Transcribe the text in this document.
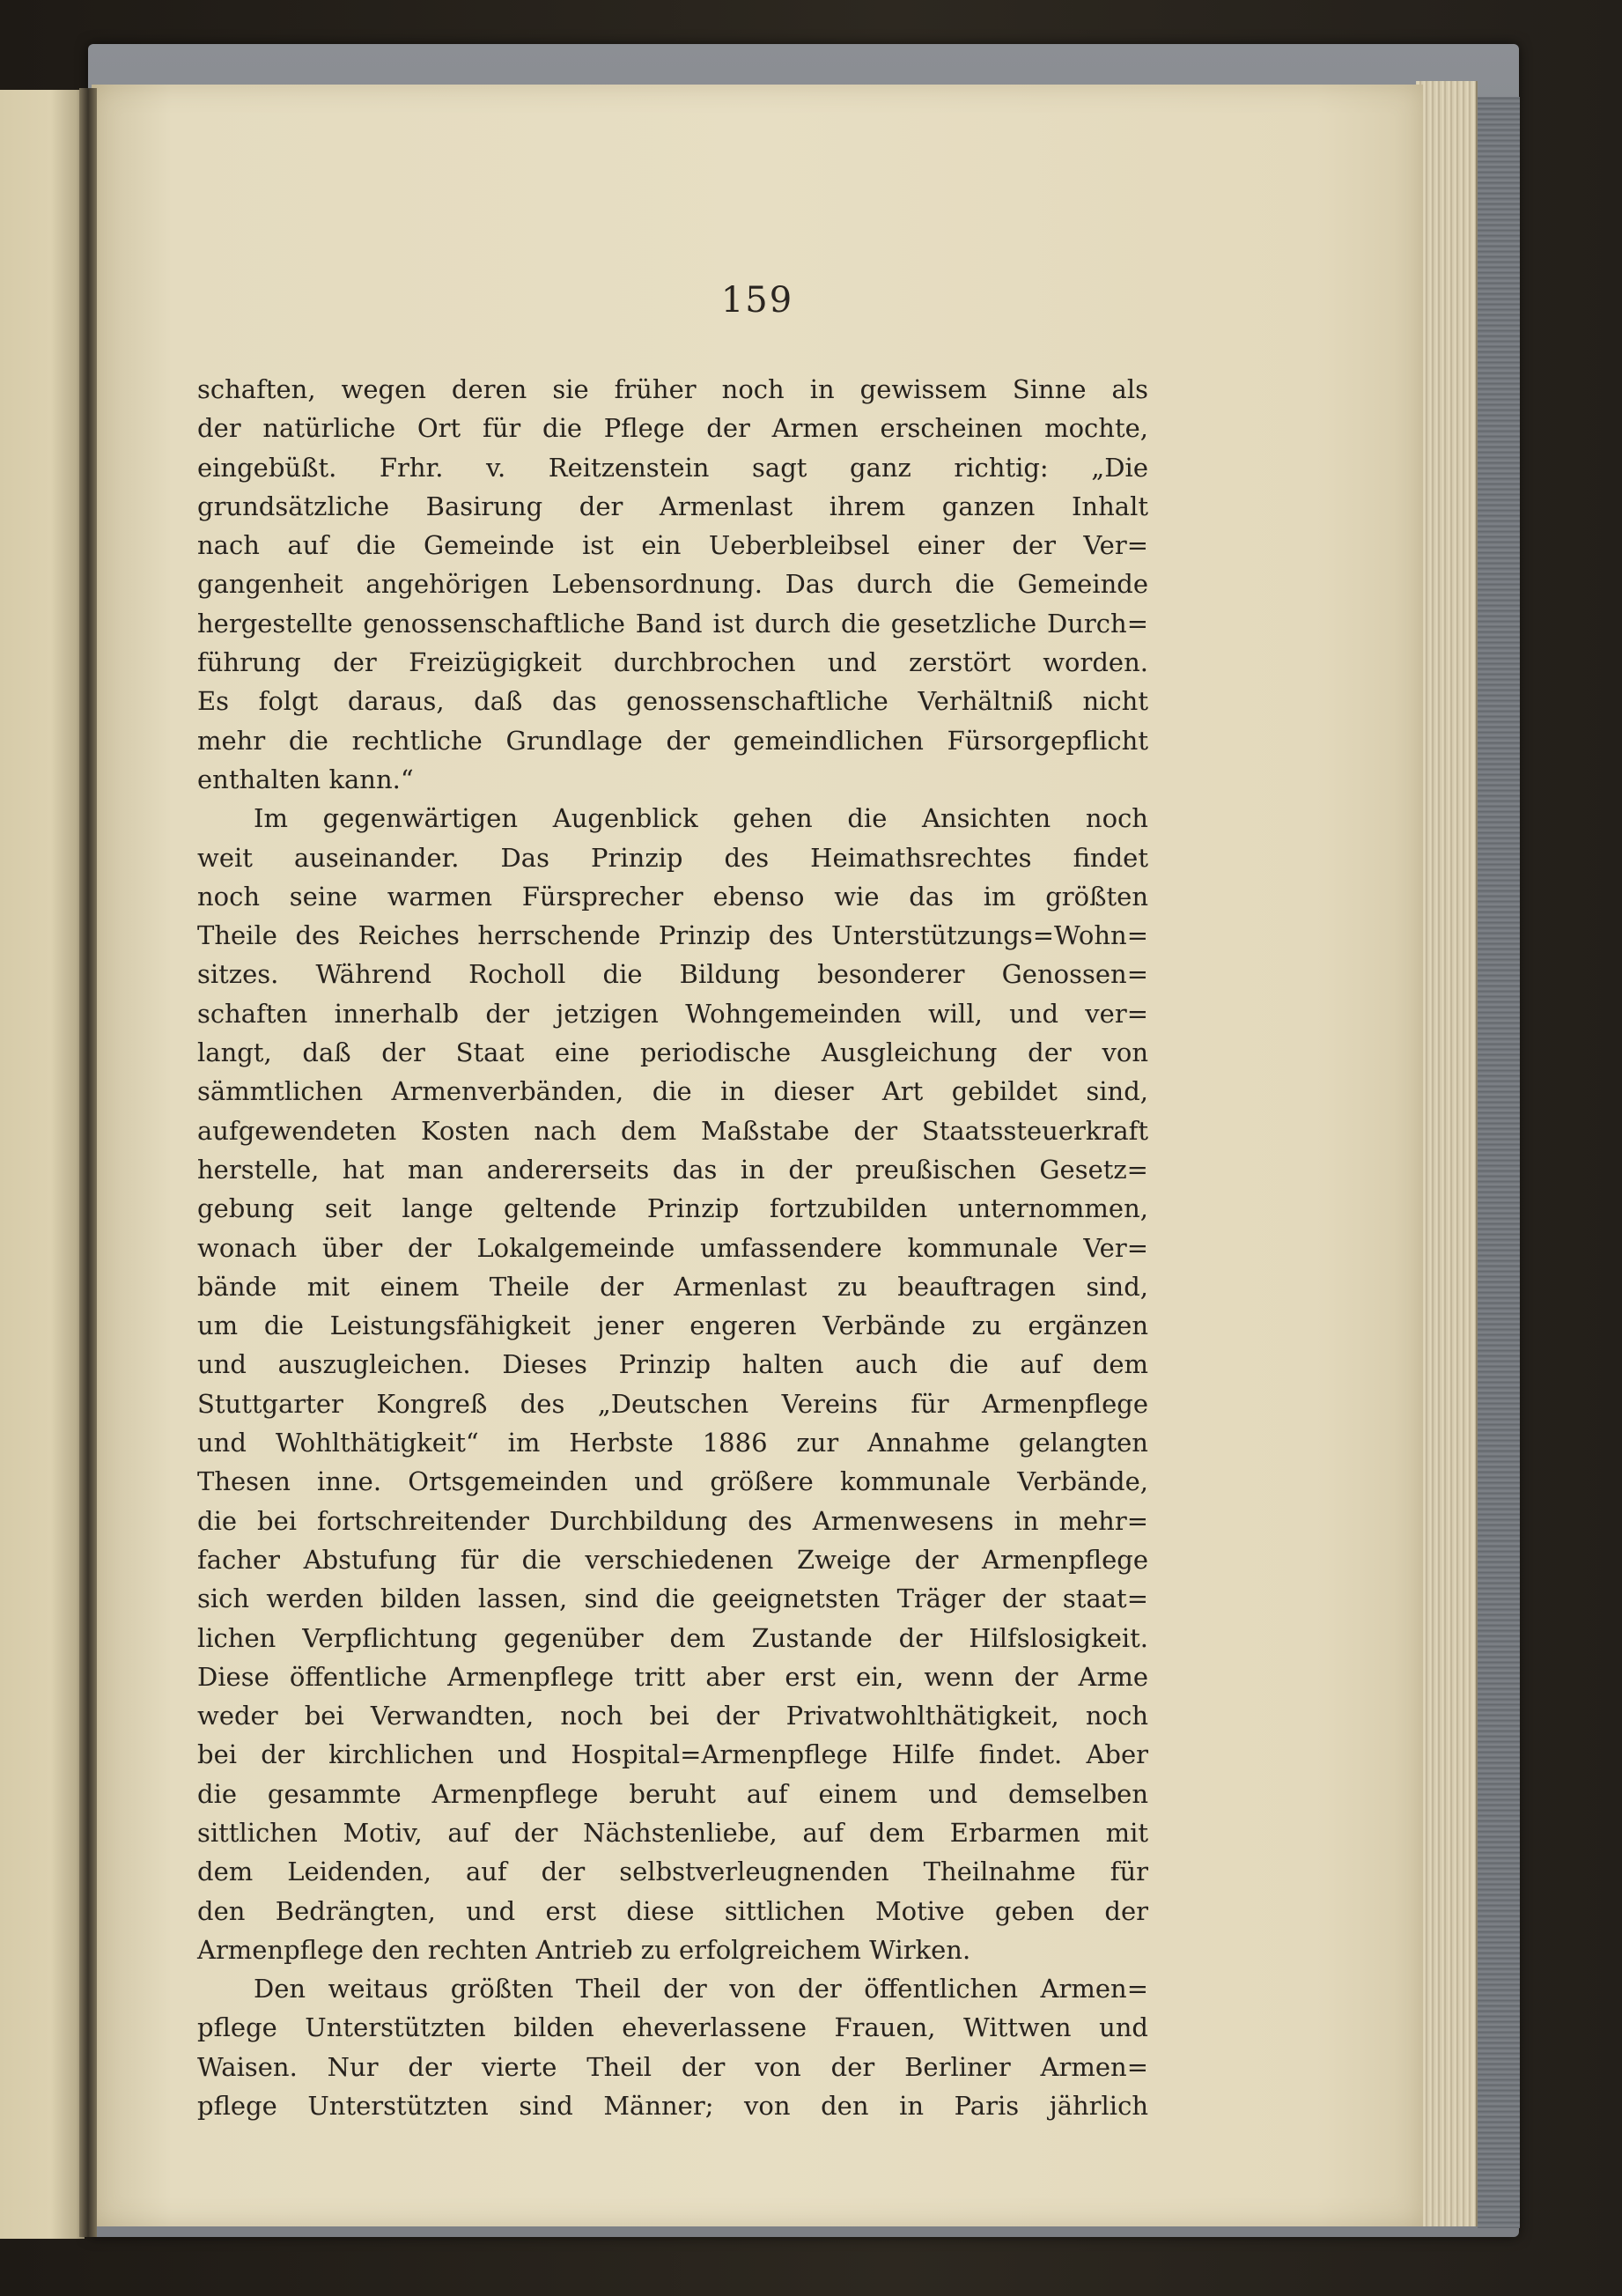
159
schaften, wegen deren sie früher noch in gewissem Sinne als
der natürliche Ort für die Pflege der Armen erscheinen mochte,
eingebüßt. Frhr. v. Reitzenstein sagt ganz richtig: „Die
grundsätzliche Basirung der Armenlast ihrem ganzen Inhalt
nach auf die Gemeinde ist ein Ueberbleibsel einer der Ver=
gangenheit angehörigen Lebensordnung. Das durch die Gemeinde
hergestellte genossenschaftliche Band ist durch die gesetzliche Durch=
führung der Freizügigkeit durchbrochen und zerstört worden.
Es folgt daraus, daß das genossenschaftliche Verhältniß nicht
mehr die rechtliche Grundlage der gemeindlichen Fürsorgepflicht
enthalten kann.“
Im gegenwärtigen Augenblick gehen die Ansichten noch
weit auseinander. Das Prinzip des Heimathsrechtes findet
noch seine warmen Fürsprecher ebenso wie das im größten
Theile des Reiches herrschende Prinzip des Unterstützungs=Wohn=
sitzes. Während Rocholl die Bildung besonderer Genossen=
schaften innerhalb der jetzigen Wohngemeinden will, und ver=
langt, daß der Staat eine periodische Ausgleichung der von
sämmtlichen Armenverbänden, die in dieser Art gebildet sind,
aufgewendeten Kosten nach dem Maßstabe der Staatssteuerkraft
herstelle, hat man andererseits das in der preußischen Gesetz=
gebung seit lange geltende Prinzip fortzubilden unternommen,
wonach über der Lokalgemeinde umfassendere kommunale Ver=
bände mit einem Theile der Armenlast zu beauftragen sind,
um die Leistungsfähigkeit jener engeren Verbände zu ergänzen
und auszugleichen. Dieses Prinzip halten auch die auf dem
Stuttgarter Kongreß des „Deutschen Vereins für Armenpflege
und Wohlthätigkeit“ im Herbste 1886 zur Annahme gelangten
Thesen inne. Ortsgemeinden und größere kommunale Verbände,
die bei fortschreitender Durchbildung des Armenwesens in mehr=
facher Abstufung für die verschiedenen Zweige der Armenpflege
sich werden bilden lassen, sind die geeignetsten Träger der staat=
lichen Verpflichtung gegenüber dem Zustande der Hilfslosigkeit.
Diese öffentliche Armenpflege tritt aber erst ein, wenn der Arme
weder bei Verwandten, noch bei der Privatwohlthätigkeit, noch
bei der kirchlichen und Hospital=Armenpflege Hilfe findet. Aber
die gesammte Armenpflege beruht auf einem und demselben
sittlichen Motiv, auf der Nächstenliebe, auf dem Erbarmen mit
dem Leidenden, auf der selbstverleugnenden Theilnahme für
den Bedrängten, und erst diese sittlichen Motive geben der
Armenpflege den rechten Antrieb zu erfolgreichem Wirken.
Den weitaus größten Theil der von der öffentlichen Armen=
pflege Unterstützten bilden eheverlassene Frauen, Wittwen und
Waisen. Nur der vierte Theil der von der Berliner Armen=
pflege Unterstützten sind Männer; von den in Paris jährlich
